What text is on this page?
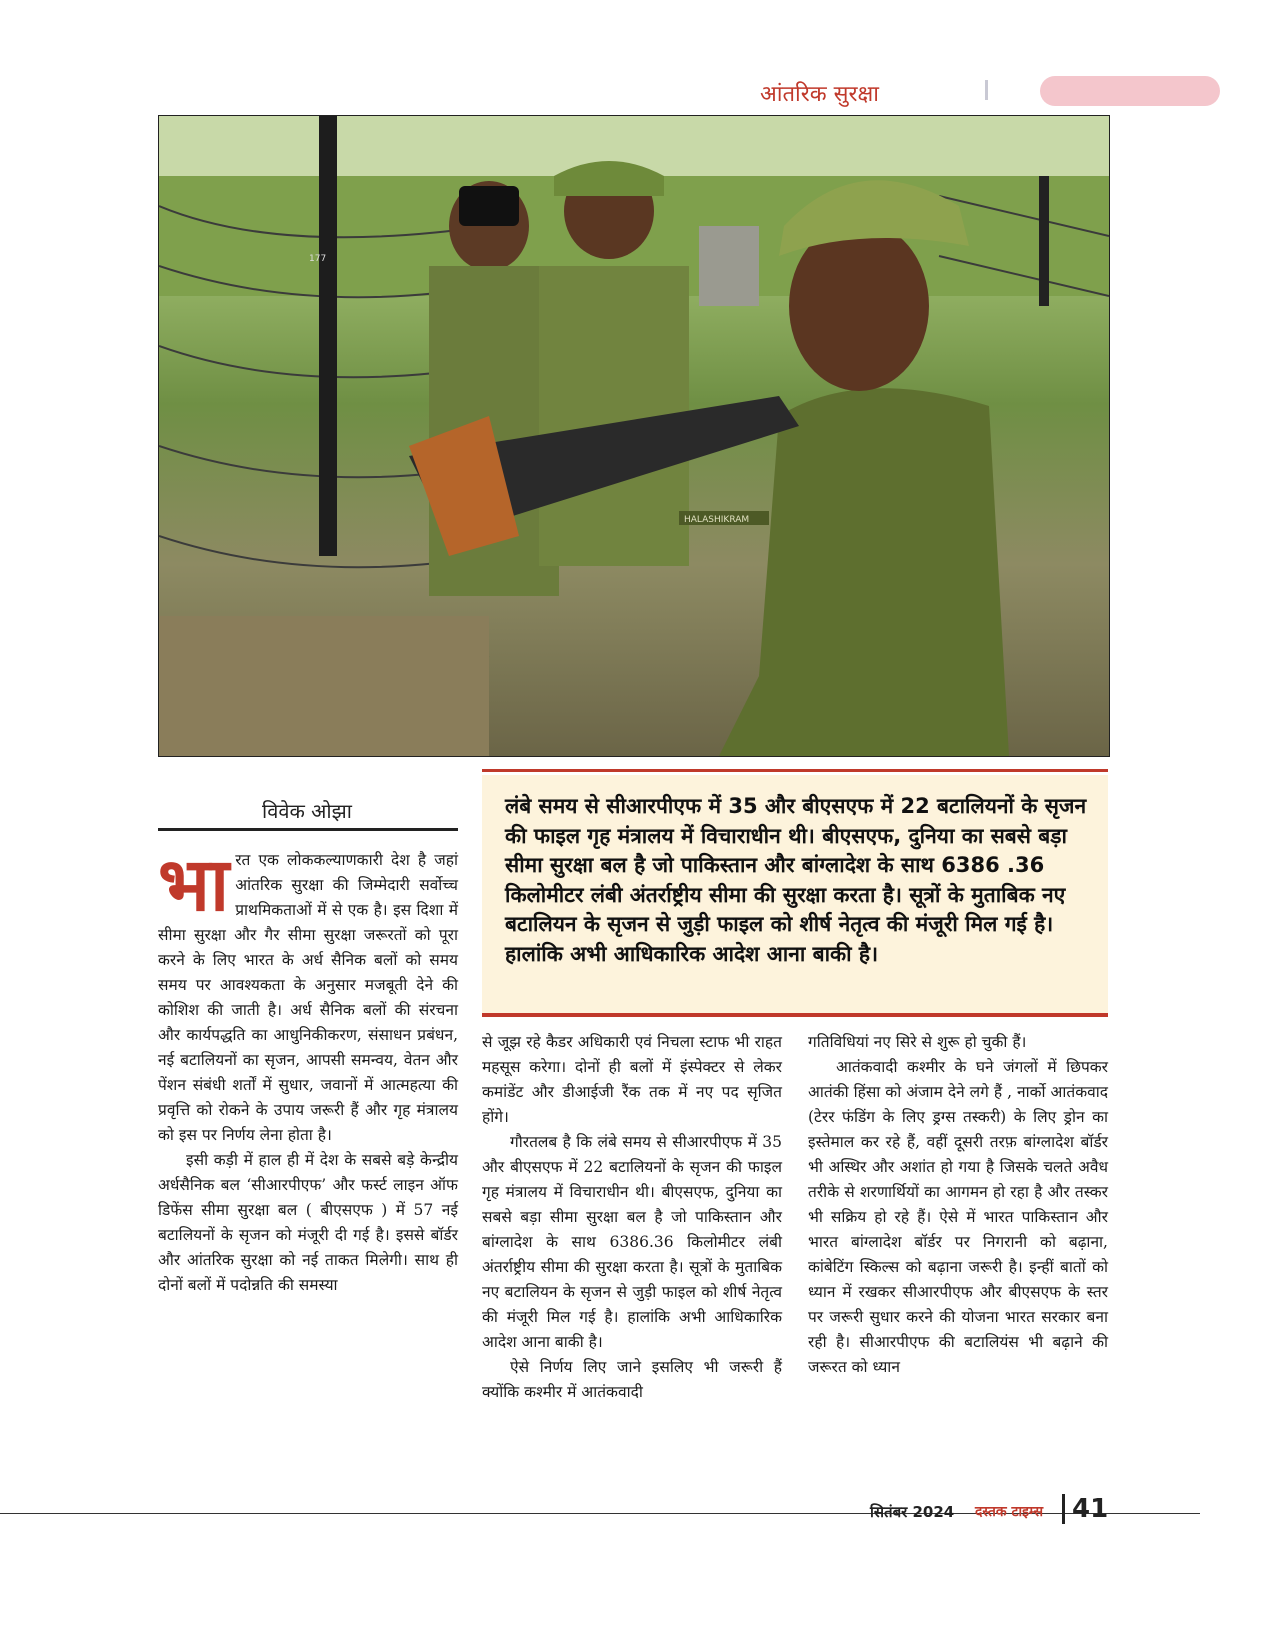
आंतरिक सुरक्षा
177
HALASHIKRAM
विवेक ओझा	लंबे समय से सीआरपीएफ में 35 और बीएसएफ में 22 बटालियनों के सृजन की फाइल गृह मंत्रालय में विचाराधीन थी। बीएसएफ, दुनिया का सबसे बड़ा सीमा सुरक्षा बल है जो पाकिस्तान और बांग्लादेश के साथ 6386 .36 किलोमीटर लंबी अंतर्राष्ट्रीय सीमा की सुरक्षा करता है। सूत्रों के मुताबिक नए बटालियन के सृजन से जुड़ी फाइल को शीर्ष नेतृत्व की मंजूरी मिल गई है। हालांकि अभी आधिकारिक आदेश आना बाकी है।

भारत एक लोककल्याणकारी देश है जहां आंतरिक सुरक्षा की जिम्मेदारी सर्वोच्च प्राथमिकताओं में से एक है। इस दिशा में सीमा सुरक्षा और गैर सीमा सुरक्षा जरूरतों को पूरा करने के लिए भारत के अर्ध सैनिक बलों को समय समय पर आवश्यकता के अनुसार मजबूती देने की कोशिश की जाती है। अर्ध सैनिक बलों की संरचना और कार्यपद्धति का आधुनिकीकरण, संसाधन प्रबंधन, नई बटालियनों का सृजन, आपसी समन्वय, वेतन और पेंशन संबंधी शर्तों में सुधार, जवानों में आत्महत्या की प्रवृत्ति को रोकने के उपाय जरूरी हैं और गृह मंत्रालय को इस पर निर्णय लेना होता है।

इसी कड़ी में हाल ही में देश के सबसे बड़े केन्द्रीय अर्धसैनिक बल ‘सीआरपीएफ’ और फर्स्ट लाइन ऑफ डिफेंस सीमा सुरक्षा बल ( बीएसएफ ) में 57 नई बटालियनों के सृजन को मंजूरी दी गई है। इससे बॉर्डर और आंतरिक सुरक्षा को नई ताकत मिलेगी। साथ ही दोनों बलों में पदोन्नति की समस्या

से जूझ रहे कैडर अधिकारी एवं निचला स्टाफ भी राहत महसूस करेगा। दोनों ही बलों में इंस्पेक्टर से लेकर कमांडेंट और डीआईजी रैंक तक में नए पद सृजित होंगे।

गौरतलब है कि लंबे समय से सीआरपीएफ में 35 और बीएसएफ में 22 बटालियनों के सृजन की फाइल गृह मंत्रालय में विचाराधीन थी। बीएसएफ, दुनिया का सबसे बड़ा सीमा सुरक्षा बल है जो पाकिस्तान और बांग्लादेश के साथ 6386.36 किलोमीटर लंबी अंतर्राष्ट्रीय सीमा की सुरक्षा करता है। सूत्रों के मुताबिक नए बटालियन के सृजन से जुड़ी फाइल को शीर्ष नेतृत्व की मंजूरी मिल गई है। हालांकि अभी आधिकारिक आदेश आना बाकी है।

ऐसे निर्णय लिए जाने इसलिए भी जरूरी हैं क्योंकि कश्मीर में आतंकवादी

गतिविधियां नए सिरे से शुरू हो चुकी हैं।

आतंकवादी कश्मीर के घने जंगलों में छिपकर आतंकी हिंसा को अंजाम देने लगे हैं , नार्को आतंकवाद (टेरर फंडिंग के लिए ड्रग्स तस्करी) के लिए ड्रोन का इस्तेमाल कर रहे हैं, वहीं दूसरी तरफ़ बांग्लादेश बॉर्डर भी अस्थिर और अशांत हो गया है जिसके चलते अवैध तरीके से शरणार्थियों का आगमन हो रहा है और तस्कर भी सक्रिय हो रहे हैं। ऐसे में भारत पाकिस्तान और भारत बांग्लादेश बॉर्डर पर निगरानी को बढ़ाना, कांबेटिंग स्किल्स को बढ़ाना जरूरी है। इन्हीं बातों को ध्यान में रखकर सीआरपीएफ और बीएसएफ के स्तर पर जरूरी सुधार करने की योजना भारत सरकार बना रही है। सीआरपीएफ की बटालियंस भी बढ़ाने की जरूरत को ध्यान

सितंबर 2024 दस्तक टाइम्स 41
